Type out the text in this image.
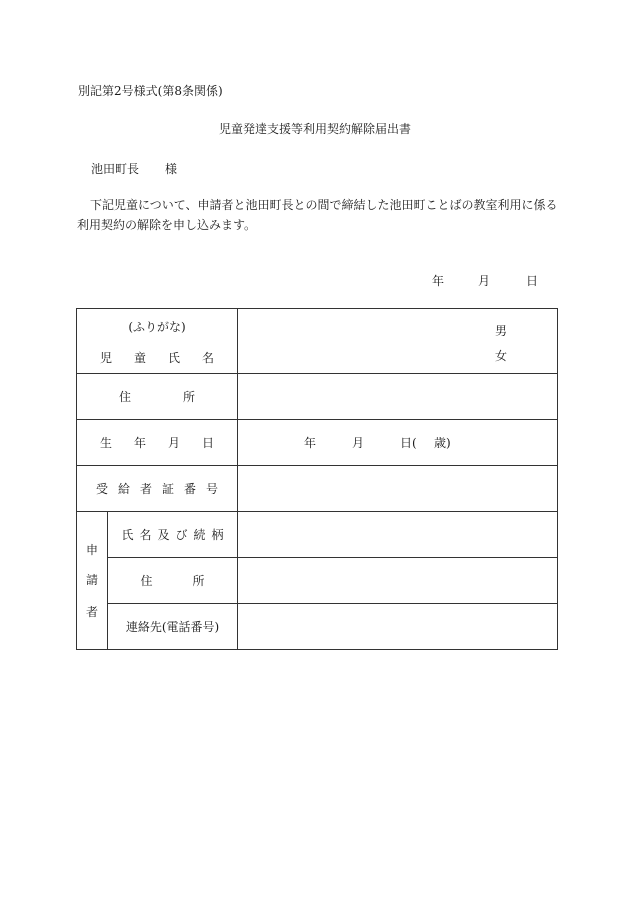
別記第2号様式(第8条関係)
児童発達支援等利用契約解除届出書
池田町長 様
下記児童について、申請者と池田町長との間で締結した池田町ことばの教室利用に係る
利用契約の解除を申し込みます。
年	月	日
(ふりがな)
児 童 氏 名		男
女

住 所		
生 年 月 日		年 月 日( 歳)
受 給 者 証 番 号		

申
請
者	氏 名 及 び 続 柄	
	住 所	
	連絡先(電話番号)	
